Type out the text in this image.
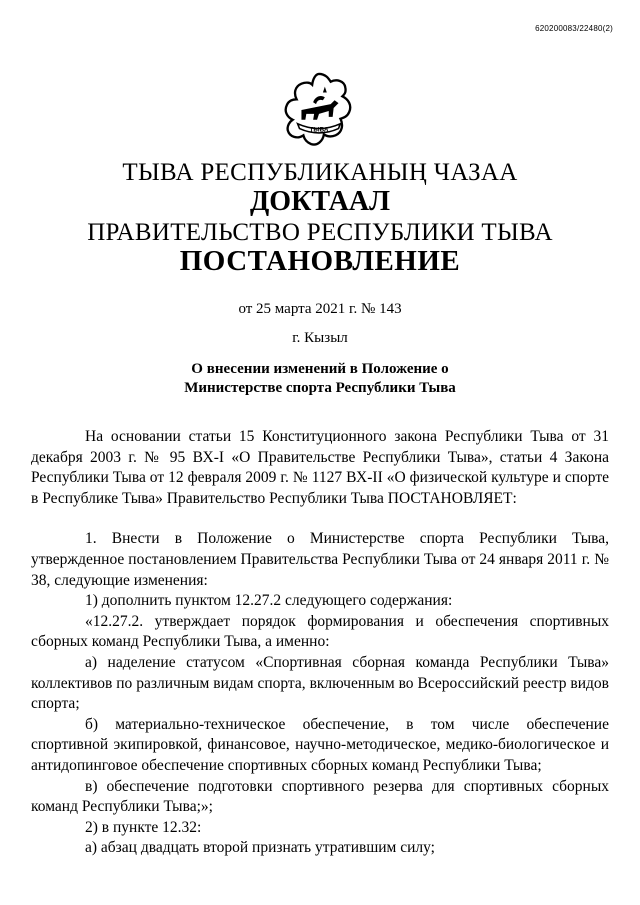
620200083/22480(2)
ТЫВА
ТЫВА РЕСПУБЛИКАНЫҢ ЧАЗАА
ДОКТААЛ
ПРАВИТЕЛЬСТВО РЕСПУБЛИКИ ТЫВА
ПОСТАНОВЛЕНИЕ
от 25 марта 2021 г. № 143
г. Кызыл
О внесении изменений в Положение о
Министерстве спорта Республики Тыва

На основании статьи 15 Конституционного закона Республики Тыва от 31 декабря 2003 г. № 95 ВХ-I «О Правительстве Республики Тыва», статьи 4 Закона Республики Тыва от 12 февраля 2009 г. № 1127 ВХ-II «О физической культуре и спорте в Республике Тыва» Правительство Республики Тыва ПОСТАНОВЛЯЕТ:

1. Внести в Положение о Министерстве спорта Республики Тыва, утвержденное постановлением Правительства Республики Тыва от 24 января 2011 г. № 38, следующие изменения:

1) дополнить пунктом 12.27.2 следующего содержания:

«12.27.2. утверждает порядок формирования и обеспечения спортивных сборных команд Республики Тыва, а именно:

а) наделение статусом «Спортивная сборная команда Республики Тыва» коллективов по различным видам спорта, включенным во Всероссийский реестр видов спорта;

б) материально-техническое обеспечение, в том числе обеспечение спортивной экипировкой, финансовое, научно-методическое, медико-биологическое и антидопинговое обеспечение спортивных сборных команд Республики Тыва;

в) обеспечение подготовки спортивного резерва для спортивных сборных команд Республики Тыва;»;

2) в пункте 12.32:

а) абзац двадцать второй признать утратившим силу;
